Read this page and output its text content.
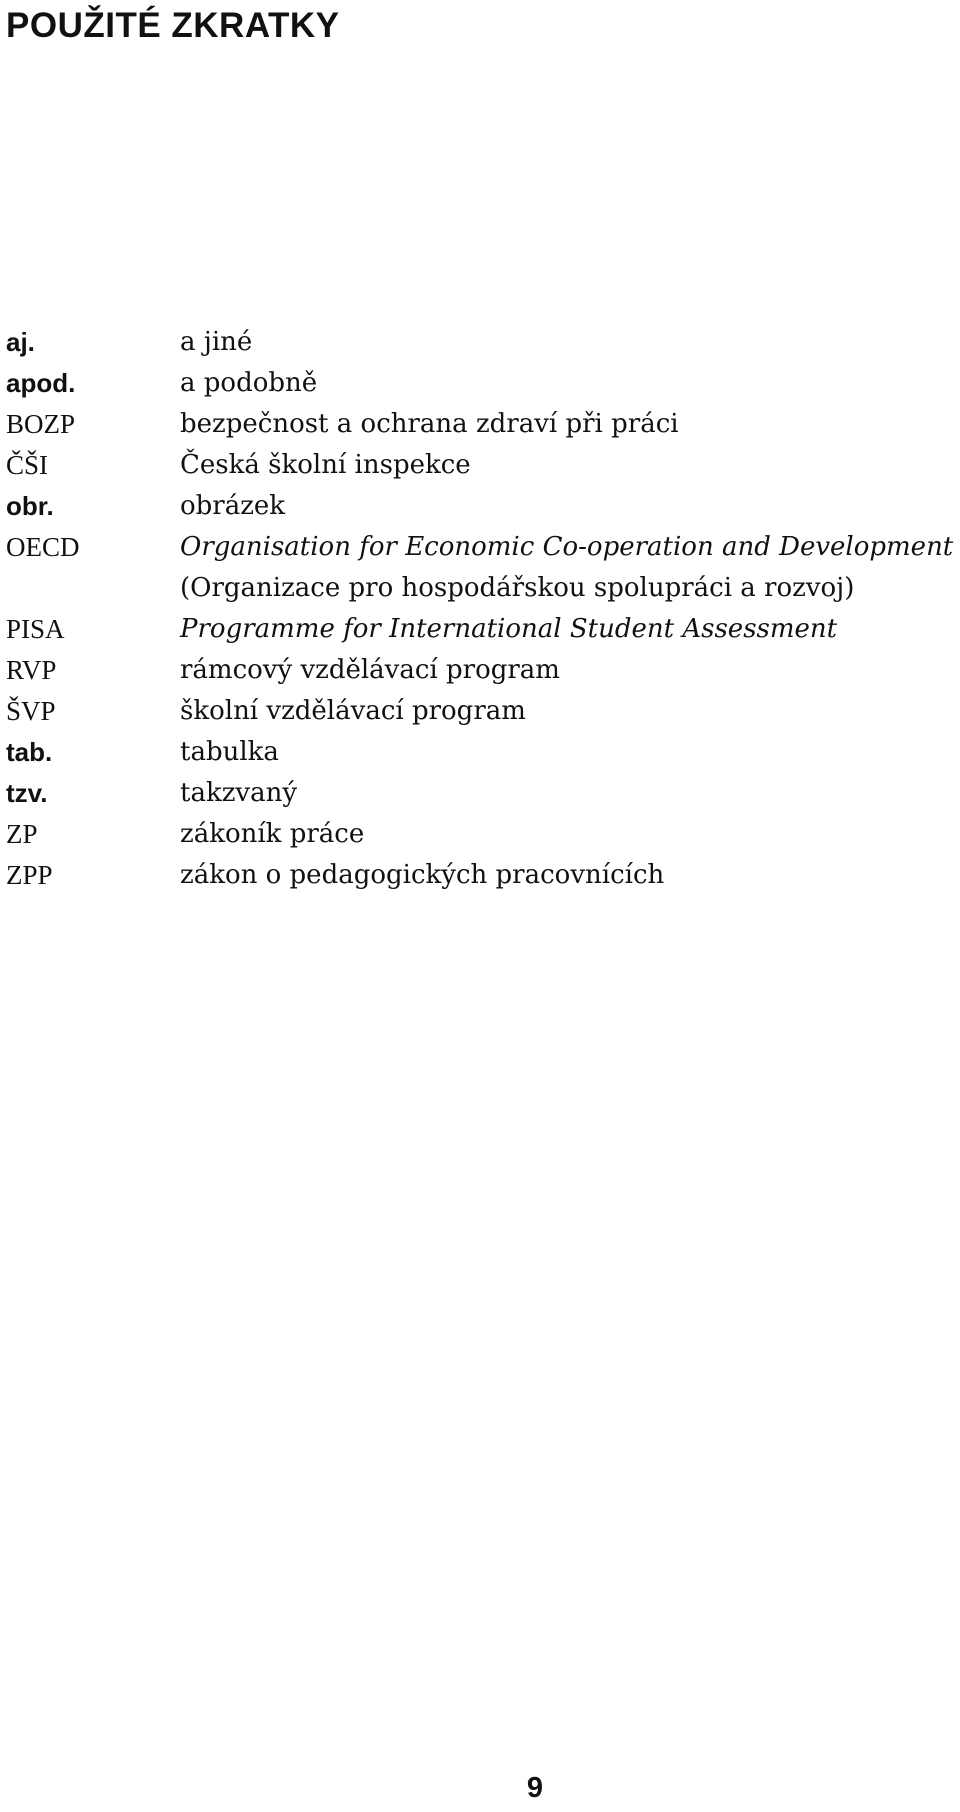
POUŽITÉ ZKRATKY
aj.	a jiné
apod.	a podobně
BOZP	bezpečnost a ochrana zdraví při práci
ČŠI	Česká školní inspekce
obr.	obrázek
OECD	Organisation for Economic Co-operation and Development
(Organizace pro hospodářskou spolupráci a rozvoj)
PISA	Programme for International Student Assessment
RVP	rámcový vzdělávací program
ŠVP	školní vzdělávací program
tab.	tabulka
tzv.	takzvaný
ZP	zákoník práce
ZPP	zákon o pedagogických pracovnících
9
